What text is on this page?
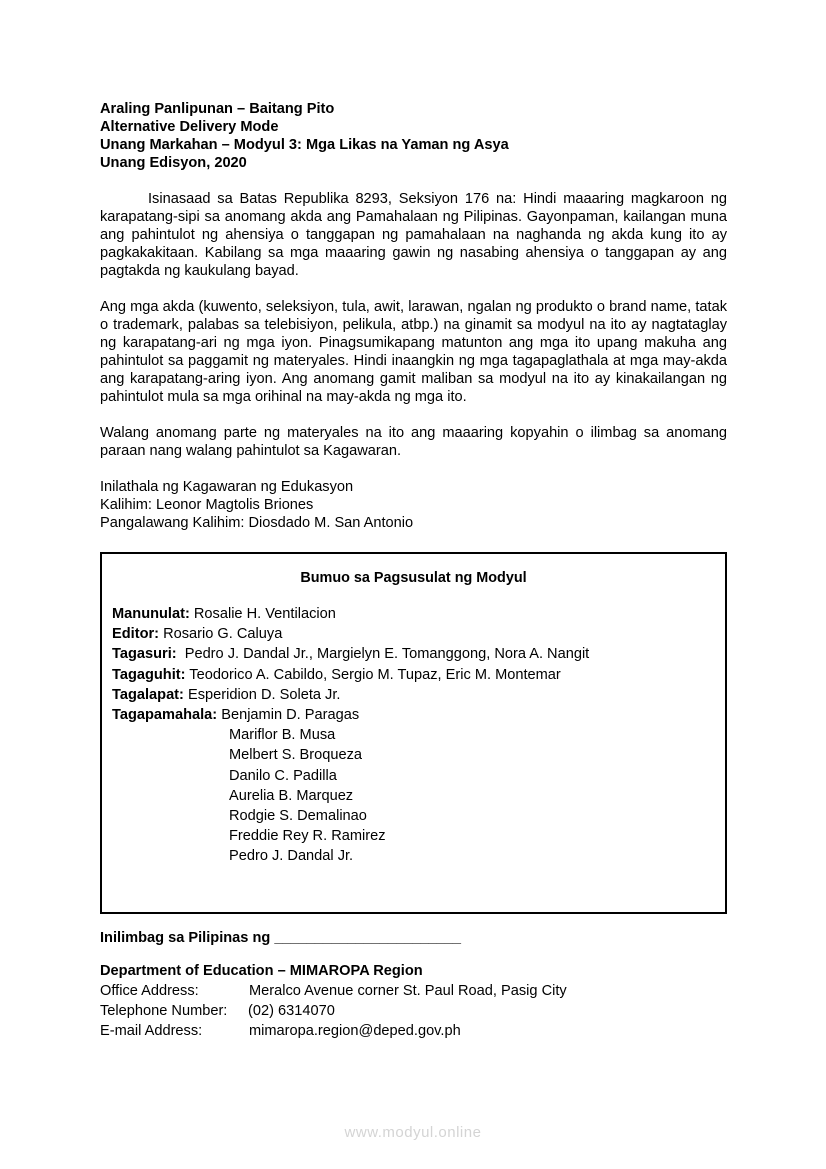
Araling Panlipunan – Baitang Pito

Alternative Delivery Mode

Unang Markahan – Modyul 3: Mga Likas na Yaman ng Asya

Unang Edisyon, 2020

Isinasaad sa Batas Republika 8293, Seksiyon 176 na: Hindi maaaring magkaroon ng karapatang-sipi sa anomang akda ang Pamahalaan ng Pilipinas. Gayonpaman, kailangan muna ang pahintulot ng ahensiya o tanggapan ng pamahalaan na naghanda ng akda kung ito ay pagkakakitaan. Kabilang sa mga maaaring gawin ng nasabing ahensiya o tanggapan ay ang pagtakda ng kaukulang bayad.

Ang mga akda (kuwento, seleksiyon, tula, awit, larawan, ngalan ng produkto o brand name, tatak o trademark, palabas sa telebisiyon, pelikula, atbp.) na ginamit sa modyul na ito ay nagtataglay ng karapatang-ari ng mga iyon. Pinagsumikapang matunton ang mga ito upang makuha ang pahintulot sa paggamit ng materyales. Hindi inaangkin ng mga tagapaglathala at mga may-akda ang karapatang-aring iyon. Ang anomang gamit maliban sa modyul na ito ay kinakailangan ng pahintulot mula sa mga orihinal na may-akda ng mga ito.

Walang anomang parte ng materyales na ito ang maaaring kopyahin o ilimbag sa anomang paraan nang walang pahintulot sa Kagawaran.

Inilathala ng Kagawaran ng Edukasyon

Kalihim: Leonor Magtolis Briones

Pangalawang Kalihim: Diosdado M. San Antonio

Bumuo sa Pagsusulat ng Modyul
Manunulat: Rosalie H. Ventilacion
Editor: Rosario G. Caluya
Tagasuri:  Pedro J. Dandal Jr., Margielyn E. Tomanggong, Nora A. Nangit
Tagaguhit: Teodorico A. Cabildo, Sergio M. Tupaz, Eric M. Montemar
Tagalapat: Esperidion D. Soleta Jr.
Tagapamahala: Benjamin D. Paragas
Mariflor B. Musa
Melbert S. Broqueza
Danilo C. Padilla
Aurelia B. Marquez
Rodgie S. Demalinao
Freddie Rey R. Ramirez
Pedro J. Dandal Jr.
Inilimbag sa Pilipinas ng _______________________
Department of Education – MIMAROPA Region
Office Address:	Meralco Avenue corner St. Paul Road, Pasig City
Telephone Number: (02) 6314070
E-mail Address:	mimaropa.region@deped.gov.ph
www.modyul.online
